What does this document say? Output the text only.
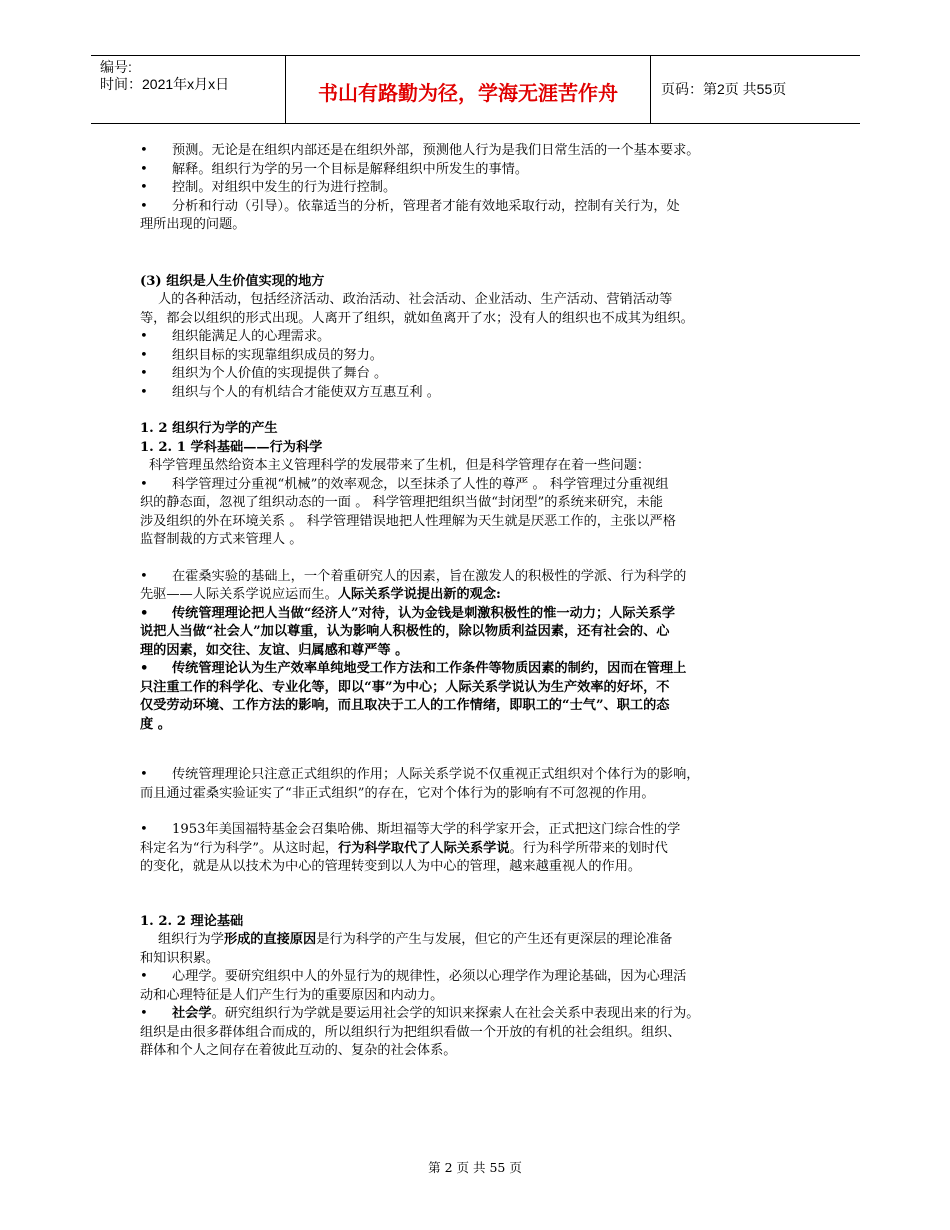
编号:
时间：2021年x月x日	书山有路勤为径，学海无涯苦作舟	页码：第2页 共55页

• 预测。无论是在组织内部还是在组织外部，预测他人行为是我们日常生活的一个基本要求。

• 解释。组织行为学的另一个目标是解释组织中所发生的事情。

• 控制。对组织中发生的行为进行控制。

• 分析和行动（引导）。依靠适当的分析，管理者才能有效地采取行动，控制有关行为，处

理所出现的问题。

(3) 组织是人生价值实现的地方

人的各种活动，包括经济活动、政治活动、社会活动、企业活动、生产活动、营销活动等

等，都会以组织的形式出现。人离开了组织，就如鱼离开了水；没有人的组织也不成其为组织。

• 组织能满足人的心理需求。

• 组织目标的实现靠组织成员的努力。

• 组织为个人价值的实现提供了舞台 。

• 组织与个人的有机结合才能使双方互惠互利 。

1. 2 组织行为学的产生

1. 2. 1 学科基础——行为科学

科学管理虽然给资本主义管理科学的发展带来了生机，但是科学管理存在着一些问题：

• 科学管理过分重视“机械”的效率观念，以至抹杀了人性的尊严 。 科学管理过分重视组

织的静态面，忽视了组织动态的一面 。 科学管理把组织当做“封闭型”的系统来研究，未能

涉及组织的外在环境关系 。 科学管理错误地把人性理解为天生就是厌恶工作的，主张以严格

监督制裁的方式来管理人 。

• 在霍桑实验的基础上，一个着重研究人的因素，旨在激发人的积极性的学派、行为科学的

先驱——人际关系学说应运而生。人际关系学说提出新的观念:

• 传统管理理论把人当做“经济人”对待，认为金钱是刺激积极性的惟一动力；人际关系学

说把人当做“社会人”加以尊重，认为影响人积极性的，除以物质利益因素，还有社会的、心

理的因素，如交往、友谊、归属感和尊严等 。

• 传统管理论认为生产效率单纯地受工作方法和工作条件等物质因素的制约，因而在管理上

只注重工作的科学化、专业化等，即以“事”为中心；人际关系学说认为生产效率的好坏，不

仅受劳动环境、工作方法的影响，而且取决于工人的工作情绪，即职工的“士气”、职工的态

度 。

• 传统管理理论只注意正式组织的作用；人际关系学说不仅重视正式组织对个体行为的影响，

而且通过霍桑实验证实了“非正式组织”的存在，它对个体行为的影响有不可忽视的作用。

• 1953年美国福特基金会召集哈佛、斯坦福等大学的科学家开会，正式把这门综合性的学

科定名为“行为科学”。从这时起，行为科学取代了人际关系学说。行为科学所带来的划时代

的变化，就是从以技术为中心的管理转变到以人为中心的管理，越来越重视人的作用。

1. 2. 2 理论基础

组织行为学形成的直接原因是行为科学的产生与发展，但它的产生还有更深层的理论准备

和知识积累。

• 心理学。要研究组织中人的外显行为的规律性，必须以心理学作为理论基础，因为心理活

动和心理特征是人们产生行为的重要原因和内动力。

• 社会学。研究组织行为学就是要运用社会学的知识来探索人在社会关系中表现出来的行为。

组织是由很多群体组合而成的，所以组织行为把组织看做一个开放的有机的社会组织。组织、

群体和个人之间存在着彼此互动的、复杂的社会体系。

第 2 页 共 55 页
